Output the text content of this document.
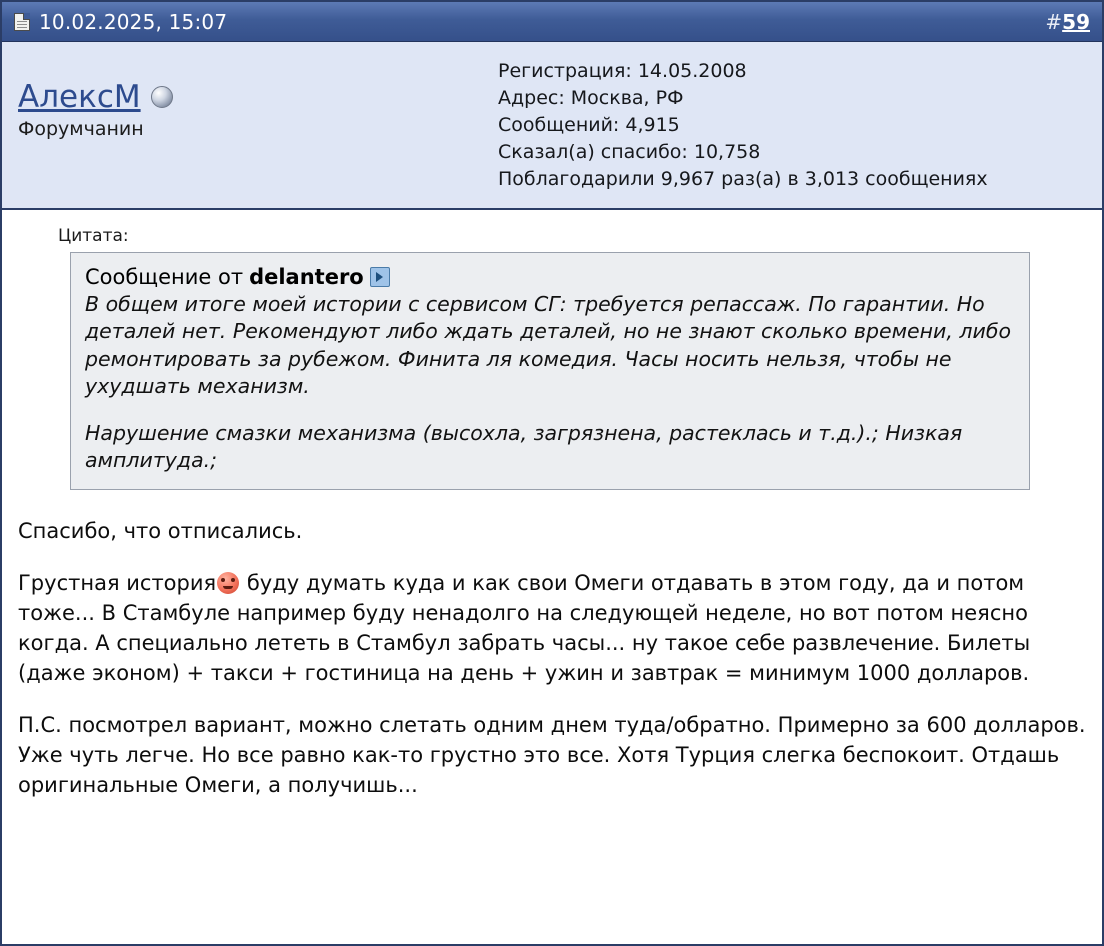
10.02.2025, 15:07	#59
АлексМ
Форумчанин
Регистрация: 14.05.2008
Адрес: Москва, РФ
Сообщений: 4,915
Сказал(а) спасибо: 10,758
Поблагодарили 9,967 раз(а) в 3,013 сообщениях
Цитата:
Сообщение от delantero

В общем итоге моей истории с сервисом СГ: требуется репассаж. По гарантии. Но деталей нет. Рекомендуют либо ждать деталей, но не знают сколько времени, либо ремонтировать за рубежом. Финита ля комедия. Часы носить нельзя, чтобы не ухудшать механизм.

Нарушение смазки механизма (высохла, загрязнена, растеклась и т.д.).; Низкая амплитуда.;

Спасибо, что отписались.

Грустная история буду думать куда и как свои Омеги отдавать в этом году, да и потом тоже... В Стамбуле например буду ненадолго на следующей неделе, но вот потом неясно когда. А специально лететь в Стамбул забрать часы... ну такое себе развлечение. Билеты (даже эконом) + такси + гостиница на день + ужин и завтрак = минимум 1000 долларов.

П.С. посмотрел вариант, можно слетать одним днем туда/обратно. Примерно за 600 долларов. Уже чуть легче. Но все равно как-то грустно это все. Хотя Турция слегка беспокоит. Отдашь оригинальные Омеги, а получишь...
